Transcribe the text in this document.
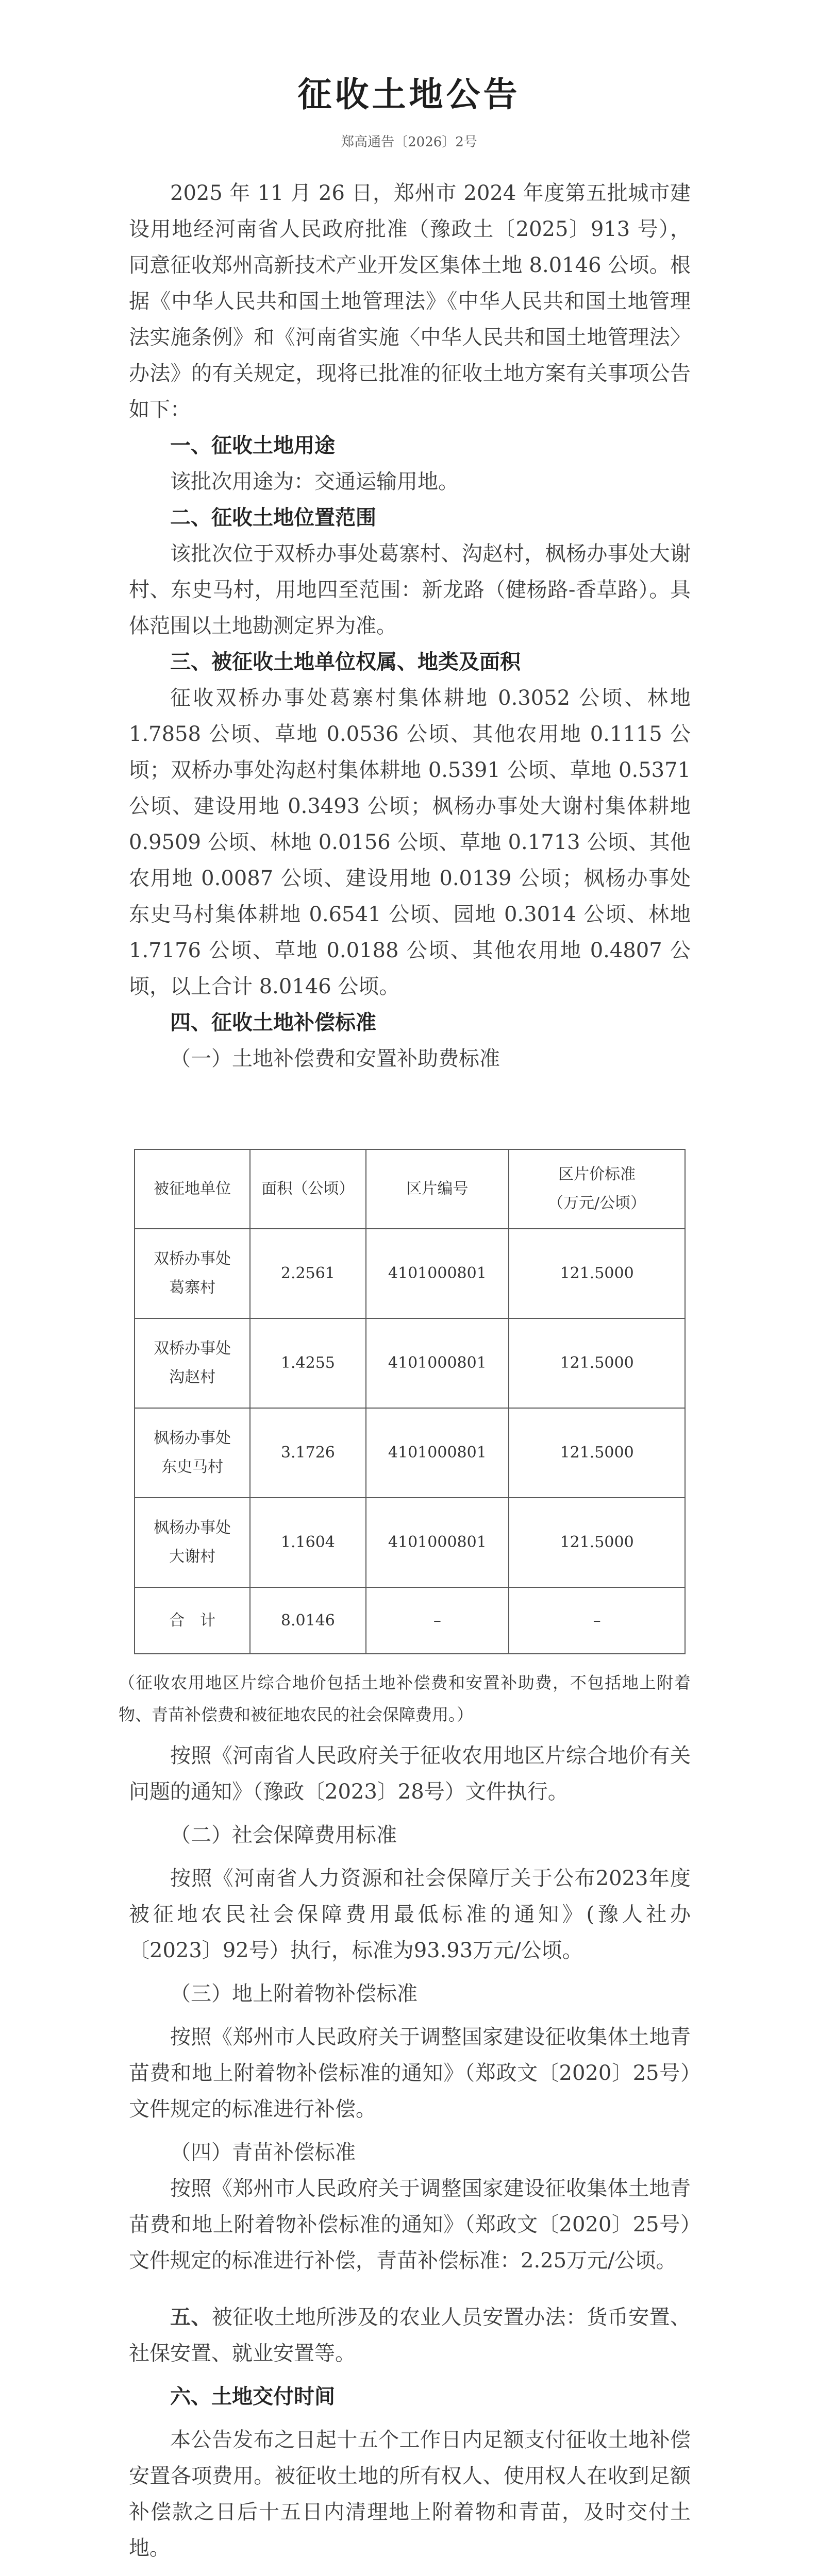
征收土地公告
郑高通告〔2026〕2号

2025 年 11 月 26 日，郑州市 2024 年度第五批城市建设用地经河南省人民政府批准（豫政土〔2025〕913 号），同意征收郑州高新技术产业开发区集体土地 8.0146 公顷。根据《中华人民共和国土地管理法》《中华人民共和国土地管理法实施条例》和《河南省实施〈中华人民共和国土地管理法〉办法》的有关规定，现将已批准的征收土地方案有关事项公告如下：

一、征收土地用途

该批次用途为：交通运输用地。

二、征收土地位置范围

该批次位于双桥办事处葛寨村、沟赵村，枫杨办事处大谢村、东史马村，用地四至范围：新龙路（健杨路-香草路）。具体范围以土地勘测定界为准。

三、被征收土地单位权属、地类及面积

征收双桥办事处葛寨村集体耕地 0.3052 公顷、林地 1.7858 公顷、草地 0.0536 公顷、其他农用地 0.1115 公顷；双桥办事处沟赵村集体耕地 0.5391 公顷、草地 0.5371 公顷、建设用地 0.3493 公顷；枫杨办事处大谢村集体耕地 0.9509 公顷、林地 0.0156 公顷、草地 0.1713 公顷、其他农用地 0.0087 公顷、建设用地 0.0139 公顷；枫杨办事处东史马村集体耕地 0.6541 公顷、园地 0.3014 公顷、林地 1.7176 公顷、草地 0.0188 公顷、其他农用地 0.4807 公顷，以上合计 8.0146 公顷。

四、征收土地补偿标准

（一）土地补偿费和安置补助费标准

被征地单位	面积（公顷）	区片编号	区片价标准
（万元/公顷）

双桥办事处
葛寨村	2.2561	4101000801	121.5000

双桥办事处
沟赵村	1.4255	4101000801	121.5000

枫杨办事处
东史马村	3.1726	4101000801	121.5000

枫杨办事处
大谢村	1.1604	4101000801	121.5000
合　计	8.0146	–	–

（征收农用地区片综合地价包括土地补偿费和安置补助费，不包括地上附着物、青苗补偿费和被征地农民的社会保障费用。）

按照《河南省人民政府关于征收农用地区片综合地价有关问题的通知》（豫政〔2023〕28号）文件执行。

（二）社会保障费用标准

按照《河南省人力资源和社会保障厅关于公布2023年度被征地农民社会保障费用最低标准的通知》(豫人社办〔2023〕92号）执行，标准为93.93万元/公顷。

（三）地上附着物补偿标准

按照《郑州市人民政府关于调整国家建设征收集体土地青苗费和地上附着物补偿标准的通知》（郑政文〔2020〕25号）文件规定的标准进行补偿。

（四）青苗补偿标准

按照《郑州市人民政府关于调整国家建设征收集体土地青苗费和地上附着物补偿标准的通知》（郑政文〔2020〕25号）文件规定的标准进行补偿，青苗补偿标准：2.25万元/公顷。

五、被征收土地所涉及的农业人员安置办法：货币安置、社保安置、就业安置等。

六、土地交付时间

本公告发布之日起十五个工作日内足额支付征收土地补偿安置各项费用。被征收土地的所有权人、使用权人在收到足额补偿款之日后十五日内清理地上附着物和青苗，及时交付土地。
